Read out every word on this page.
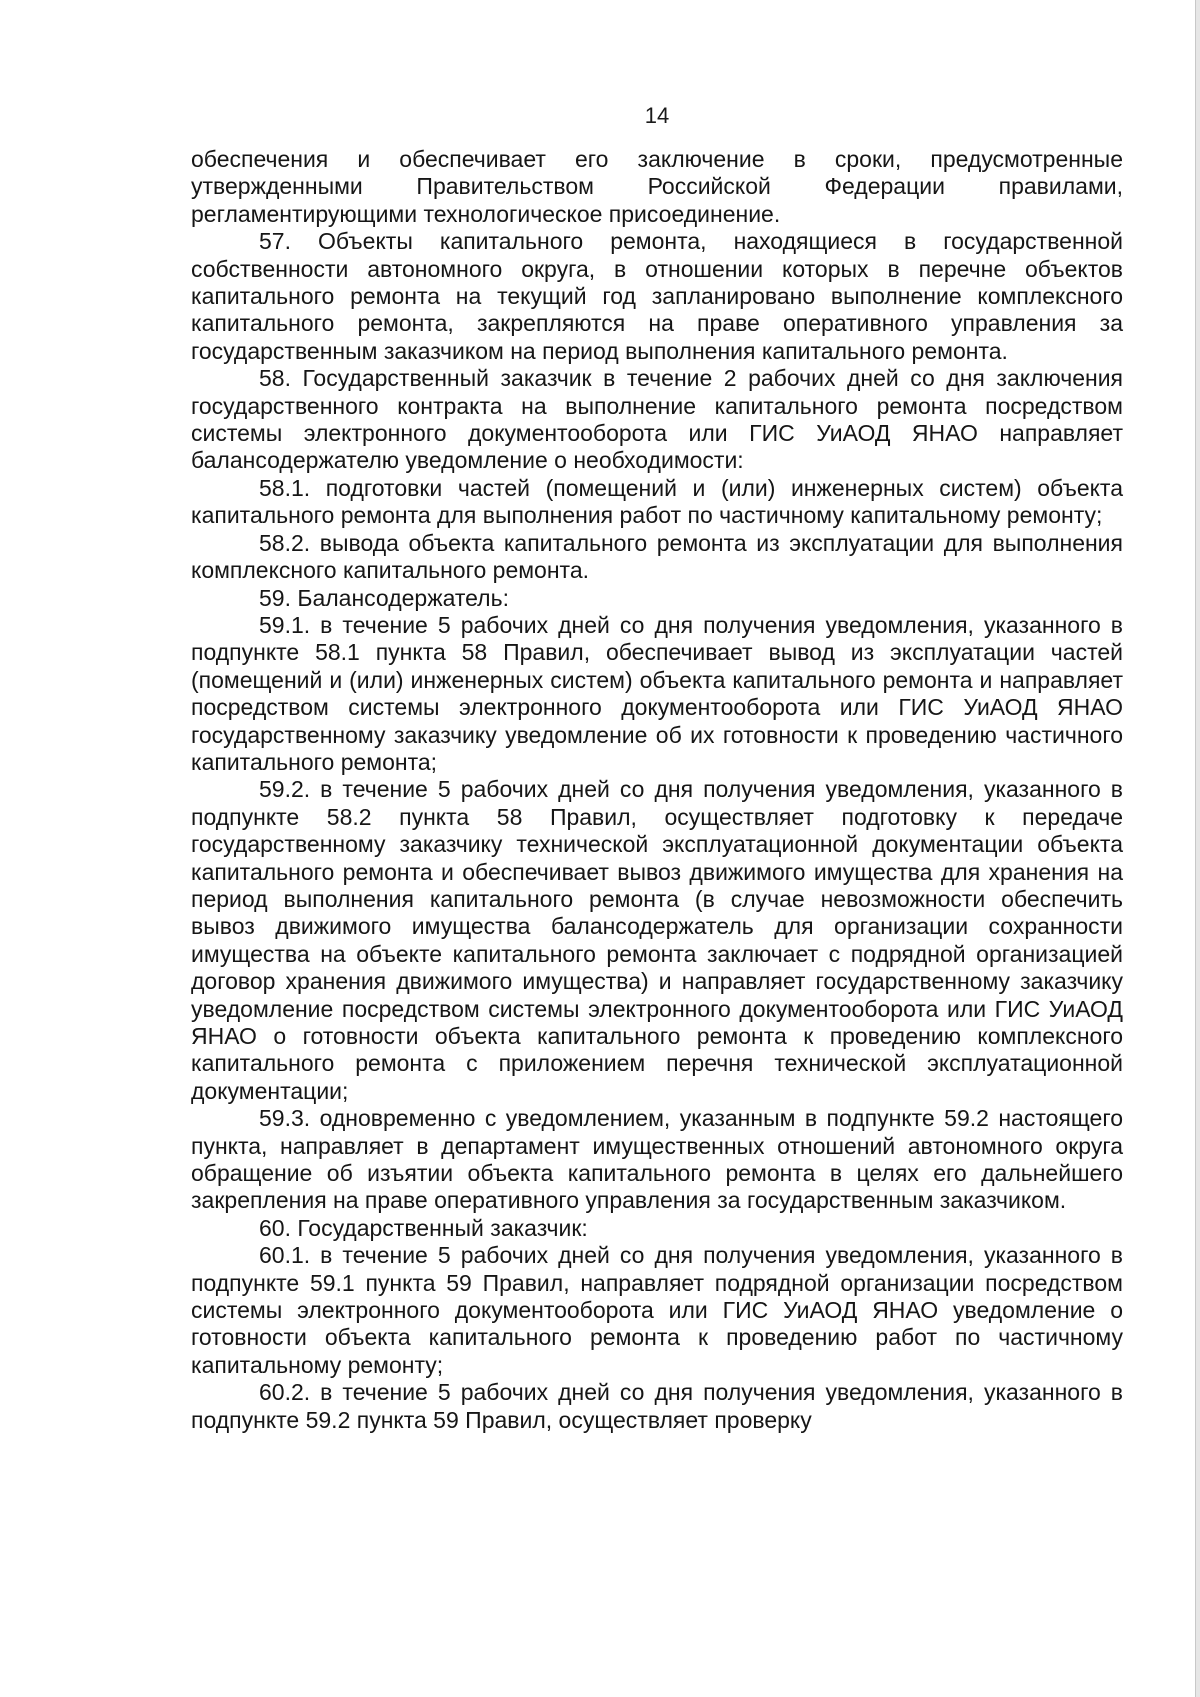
14

обеспечения и обеспечивает его заключение в сроки, предусмотренные утвержденными Правительством Российской Федерации правилами, регламентирующими технологическое присоединение.

57. Объекты капитального ремонта, находящиеся в государственной собственности автономного округа, в отношении которых в перечне объектов капитального ремонта на текущий год запланировано выполнение комплексного капитального ремонта, закрепляются на праве оперативного управления за государственным заказчиком на период выполнения капитального ремонта.

58. Государственный заказчик в течение 2 рабочих дней со дня заключения государственного контракта на выполнение капитального ремонта посредством системы электронного документооборота или ГИС УиАОД ЯНАО направляет балансодержателю уведомление о необходимости:

58.1. подготовки частей (помещений и (или) инженерных систем) объекта капитального ремонта для выполнения работ по частичному капитальному ремонту;

58.2. вывода объекта капитального ремонта из эксплуатации для выполнения комплексного капитального ремонта.

59. Балансодержатель:

59.1. в течение 5 рабочих дней со дня получения уведомления, указанного в подпункте 58.1 пункта 58 Правил, обеспечивает вывод из эксплуатации частей (помещений и (или) инженерных систем) объекта капитального ремонта и направляет посредством системы электронного документооборота или ГИС УиАОД ЯНАО государственному заказчику уведомление об их готовности к проведению частичного капитального ремонта;

59.2. в течение 5 рабочих дней со дня получения уведомления, указанного в подпункте 58.2 пункта 58 Правил, осуществляет подготовку к передаче государственному заказчику технической эксплуатационной документации объекта капитального ремонта и обеспечивает вывоз движимого имущества для хранения на период выполнения капитального ремонта (в случае невозможности обеспечить вывоз движимого имущества балансодержатель для организации сохранности имущества на объекте капитального ремонта заключает с подрядной организацией договор хранения движимого имущества) и направляет государственному заказчику уведомление посредством системы электронного документооборота или ГИС УиАОД ЯНАО о готовности объекта капитального ремонта к проведению комплексного капитального ремонта с приложением перечня технической эксплуатационной документации;

59.3. одновременно с уведомлением, указанным в подпункте 59.2 настоящего пункта, направляет в департамент имущественных отношений автономного округа обращение об изъятии объекта капитального ремонта в целях его дальнейшего закрепления на праве оперативного управления за государственным заказчиком.

60. Государственный заказчик:

60.1. в течение 5 рабочих дней со дня получения уведомления, указанного в подпункте 59.1 пункта 59 Правил, направляет подрядной организации посредством системы электронного документооборота или ГИС УиАОД ЯНАО уведомление о готовности объекта капитального ремонта к проведению работ по частичному капитальному ремонту;

60.2. в течение 5 рабочих дней со дня получения уведомления, указанного в подпункте 59.2 пункта 59 Правил, осуществляет проверку
